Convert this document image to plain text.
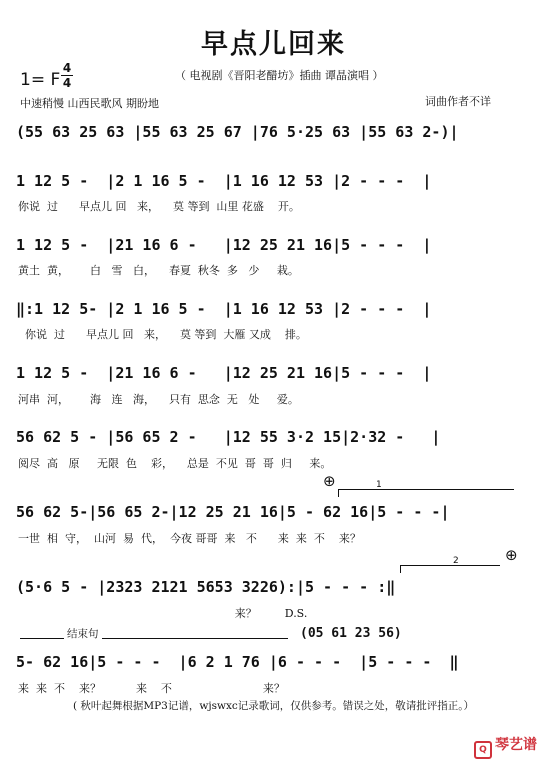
早点儿回来
1= F
4
4
（ 电视剧《晋阳老醋坊》插曲 谭晶演唱 ）
中速稍慢 山西民歌风 期盼地	词曲作者不详
(55 63 25 63 |55 63 25 67 |76 5·25 63 |55 63 2-)|
1 12 5 -  |2 1 16 5 -  |1 16 12 53 |2 - - -  |
你说  过      早点儿 回   来，    莫 等到  山里 花盛    开。
1 12 5 -  |21 16 6 -   |12 25 21 16|5 - - -  |
黄土  黄，      白   雪   白，    春夏  秋冬  多   少     栽。
‖:1 12 5- |2 1 16 5 -  |1 16 12 53 |2 - - -  |
你说  过      早点儿 回   来，    莫 等到  大雁 又成    排。
1 12 5 -  |21 16 6 -   |12 25 21 16|5 - - -  |
河串  河，      海   连   海，    只有  思念  无   处     爱。
56 62 5 - |56 65 2 -   |12 55 3·2 15|2·32 -   |
阅尽  高   原     无限  色    彩，    总是  不见  哥  哥  归     来。
⊕	1
56 62 5-|56 65 2-|12 25 21 16|5 - 62 16|5 - - -|
一世  相  守，  山河  易  代，  今夜 哥哥  来   不      来  来  不    来？
2	⊕
(5·6 5 - |2323 2121 5653 3226):|5 - - - :‖
来？        D.S.
结束句	(05 61 23 56)
5- 62 16|5 - - -  |6 2 1 76 |6 - - -  |5 - - -  ‖
来  来  不    来？          来    不                          来？
( 秋叶起舞根据MP3记谱，wjswxc记录歌词，仅供参考。错误之处，敬请批评指正。）
Q 琴艺谱
